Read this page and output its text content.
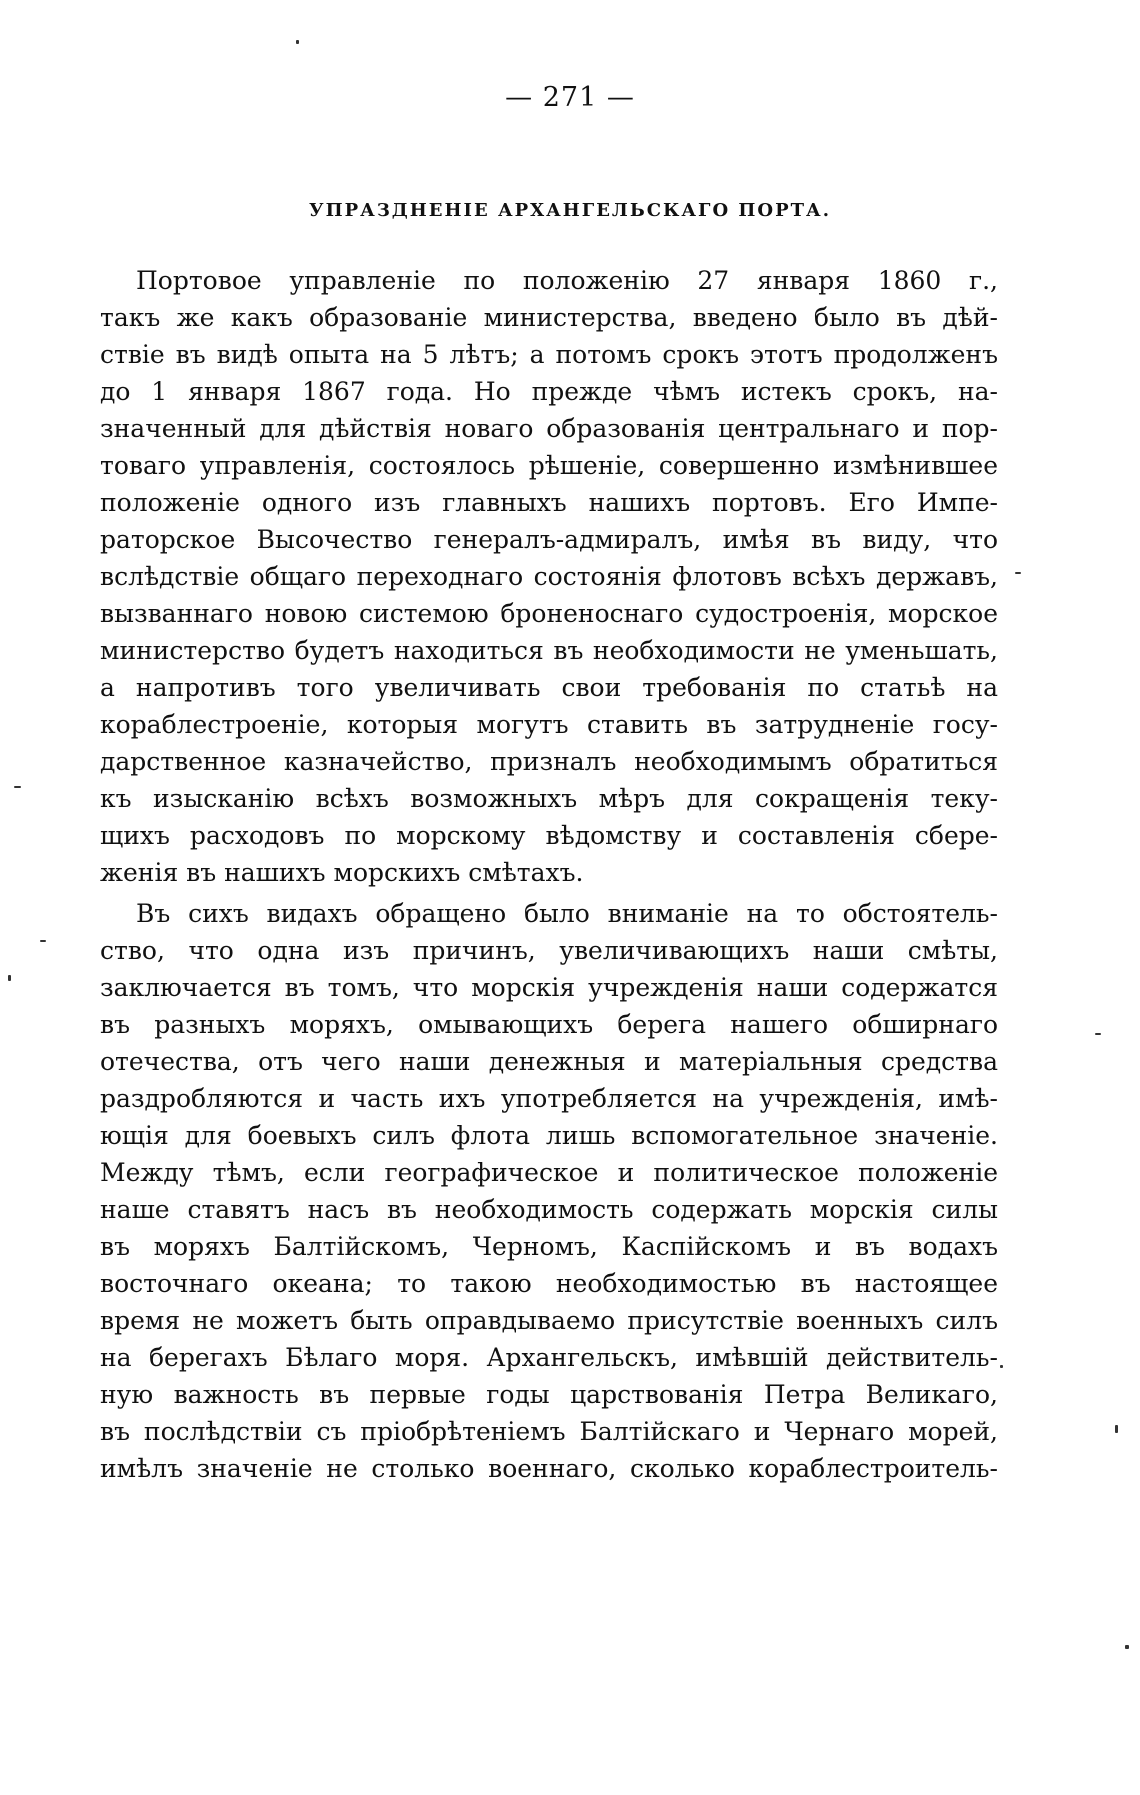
— 271 —
УПРАЗДНЕНІЕ АРХАНГЕЛЬСКАГО ПОРТА.
Портовое управленіе по положенію 27 января 1860 г.,
такъ же какъ образованіе министерства, введено было въ дѣй-
ствіе въ видѣ опыта на 5 лѣтъ; а потомъ срокъ этотъ продолженъ
до 1 января 1867 года. Но прежде чѣмъ истекъ срокъ, на-
значенный для дѣйствія новаго образованія центральнаго и пор-
товаго управленія, состоялось рѣшеніе, совершенно измѣнившее
положеніе одного изъ главныхъ нашихъ портовъ. Его Импе-
раторское Высочество генералъ-адмиралъ, имѣя въ виду, что
вслѣдствіе общаго переходнаго состоянія флотовъ всѣхъ державъ,
вызваннаго новою системою броненоснаго судостроенія, морское
министерство будетъ находиться въ необходимости не уменьшать,
а напротивъ того увеличивать свои требованія по статьѣ на
кораблестроеніе, которыя могутъ ставить въ затрудненіе госу-
дарственное казначейство, призналъ необходимымъ обратиться
къ изысканію всѣхъ возможныхъ мѣръ для сокращенія теку-
щихъ расходовъ по морскому вѣдомству и составленія сбере-
женія въ нашихъ морскихъ смѣтахъ.
Въ сихъ видахъ обращено было вниманіе на то обстоятель-
ство, что одна изъ причинъ, увеличивающихъ наши смѣты,
заключается въ томъ, что морскія учрежденія наши содержатся
въ разныхъ моряхъ, омывающихъ берега нашего обширнаго
отечества, отъ чего наши денежныя и матеріальныя средства
раздробляются и часть ихъ употребляется на учрежденія, имѣ-
ющія для боевыхъ силъ флота лишь вспомогательное значеніе.
Между тѣмъ, если географическое и политическое положеніе
наше ставятъ насъ въ необходимость содержать морскія силы
въ моряхъ Балтійскомъ, Черномъ, Каспійскомъ и въ водахъ
восточнаго океана; то такою необходимостью въ настоящее
время не можетъ быть оправдываемо присутствіе военныхъ силъ
на берегахъ Бѣлаго моря. Архангельскъ, имѣвшій действитель-
ную важность въ первые годы царствованія Петра Великаго,
въ послѣдствіи съ пріобрѣтеніемъ Балтійскаго и Чернаго морей,
имѣлъ значеніе не столько военнаго, сколько кораблестроитель-
